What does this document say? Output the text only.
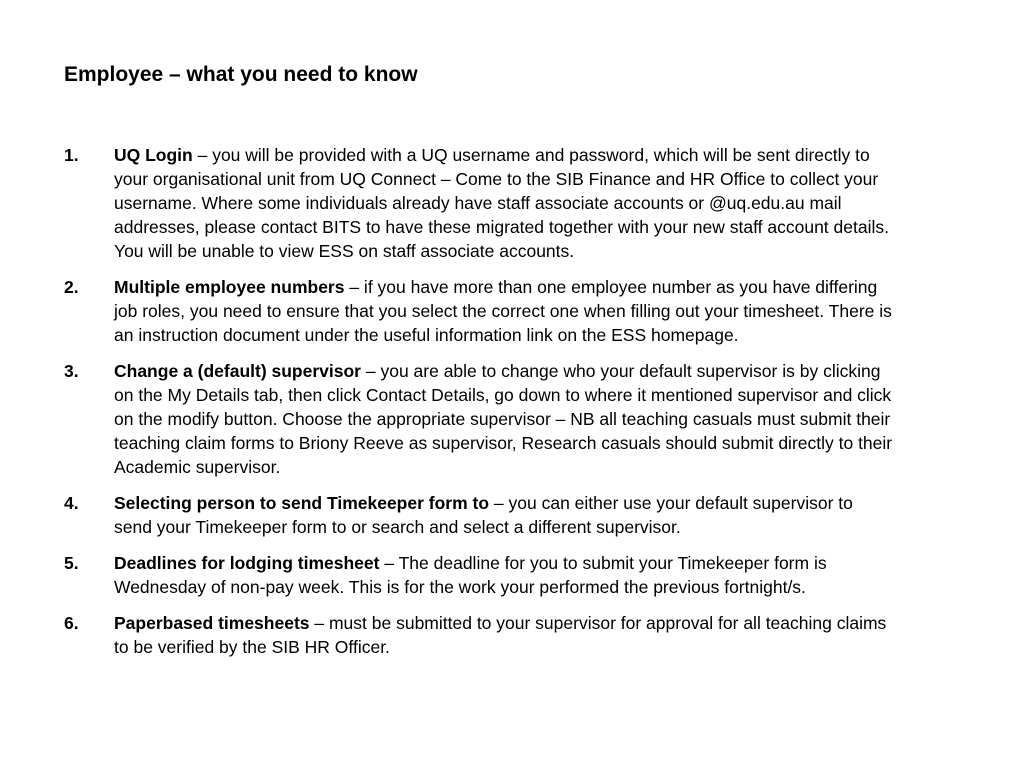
Employee – what you need to know
1. UQ Login – you will be provided with a UQ username and password, which will be sent directly to your organisational unit from UQ Connect – Come to the SIB Finance and HR Office to collect your username. Where some individuals already have staff associate accounts or @uq.edu.au mail addresses, please contact BITS to have these migrated together with your new staff account details. You will be unable to view ESS on staff associate accounts.
2. Multiple employee numbers – if you have more than one employee number as you have differing job roles, you need to ensure that you select the correct one when filling out your timesheet. There is an instruction document under the useful information link on the ESS homepage.
3. Change a (default) supervisor – you are able to change who your default supervisor is by clicking on the My Details tab, then click Contact Details, go down to where it mentioned supervisor and click on the modify button. Choose the appropriate supervisor – NB all teaching casuals must submit their teaching claim forms to Briony Reeve as supervisor, Research casuals should submit directly to their Academic supervisor.
4. Selecting person to send Timekeeper form to – you can either use your default supervisor to send your Timekeeper form to or search and select a different supervisor.
5. Deadlines for lodging timesheet – The deadline for you to submit your Timekeeper form is Wednesday of non-pay week. This is for the work your performed the previous fortnight/s.
6. Paperbased timesheets – must be submitted to your supervisor for approval for all teaching claims to be verified by the SIB HR Officer.
